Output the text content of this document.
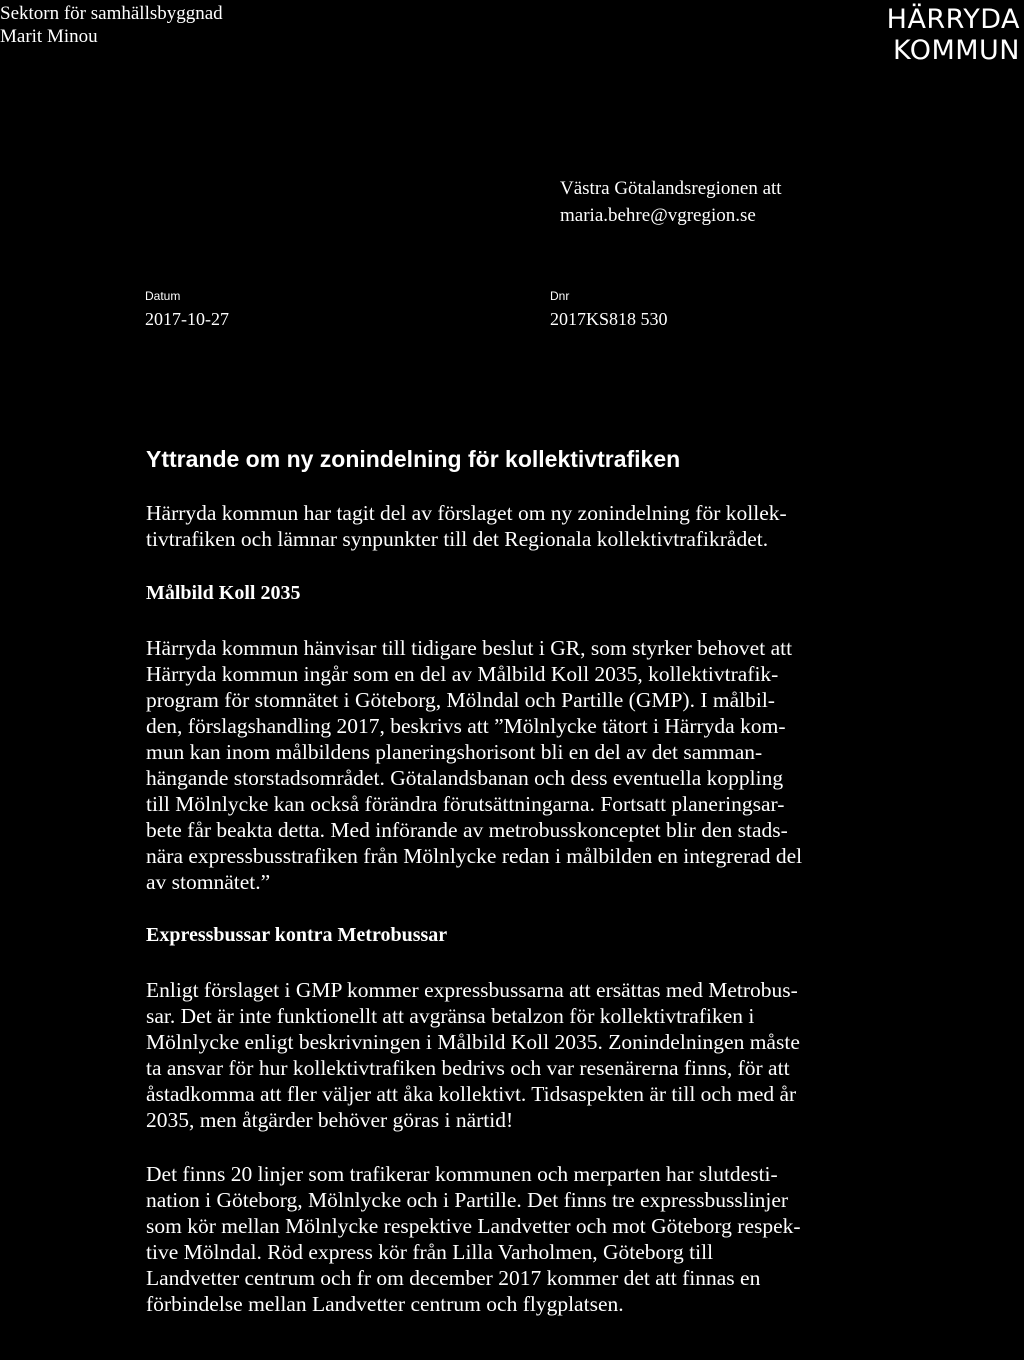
Sektorn för samhällsbyggnad
Marit Minou
HÄRRYDA
KOMMUN
Västra Götalandsregionen att
maria.behre@vgregion.se
Datum
2017-10-27
Dnr
2017KS818 530
Yttrande om ny zonindelning för kollektivtrafiken
Härryda kommun har tagit del av förslaget om ny zonindelning för kollek-
tivtrafiken och lämnar synpunkter till det Regionala kollektivtrafikrådet.
Målbild Koll 2035
Härryda kommun hänvisar till tidigare beslut i GR, som styrker behovet att
Härryda kommun ingår som en del av Målbild Koll 2035, kollektivtrafik-
program för stomnätet i Göteborg, Mölndal och Partille (GMP). I målbil-
den, förslagshandling 2017, beskrivs att ”Mölnlycke tätort i Härryda kom-
mun kan inom målbildens planeringshorisont bli en del av det samman-
hängande storstadsområdet. Götalandsbanan och dess eventuella koppling
till Mölnlycke kan också förändra förutsättningarna. Fortsatt planeringsar-
bete får beakta detta. Med införande av metrobusskonceptet blir den stads-
nära expressbusstrafiken från Mölnlycke redan i målbilden en integrerad del
av stomnätet.”
Expressbussar kontra Metrobussar
Enligt förslaget i GMP kommer expressbussarna att ersättas med Metrobus-
sar. Det är inte funktionellt att avgränsa betalzon för kollektivtrafiken i
Mölnlycke enligt beskrivningen i Målbild Koll 2035. Zonindelningen måste
ta ansvar för hur kollektivtrafiken bedrivs och var resenärerna finns, för att
åstadkomma att fler väljer att åka kollektivt. Tidsaspekten är till och med år
2035, men åtgärder behöver göras i närtid!
Det finns 20 linjer som trafikerar kommunen och merparten har slutdesti-
nation i Göteborg, Mölnlycke och i Partille. Det finns tre expressbusslinjer
som kör mellan Mölnlycke respektive Landvetter och mot Göteborg respek-
tive Mölndal. Röd express kör från Lilla Varholmen, Göteborg till
Landvetter centrum och fr om december 2017 kommer det att finnas en
förbindelse mellan Landvetter centrum och flygplatsen.
